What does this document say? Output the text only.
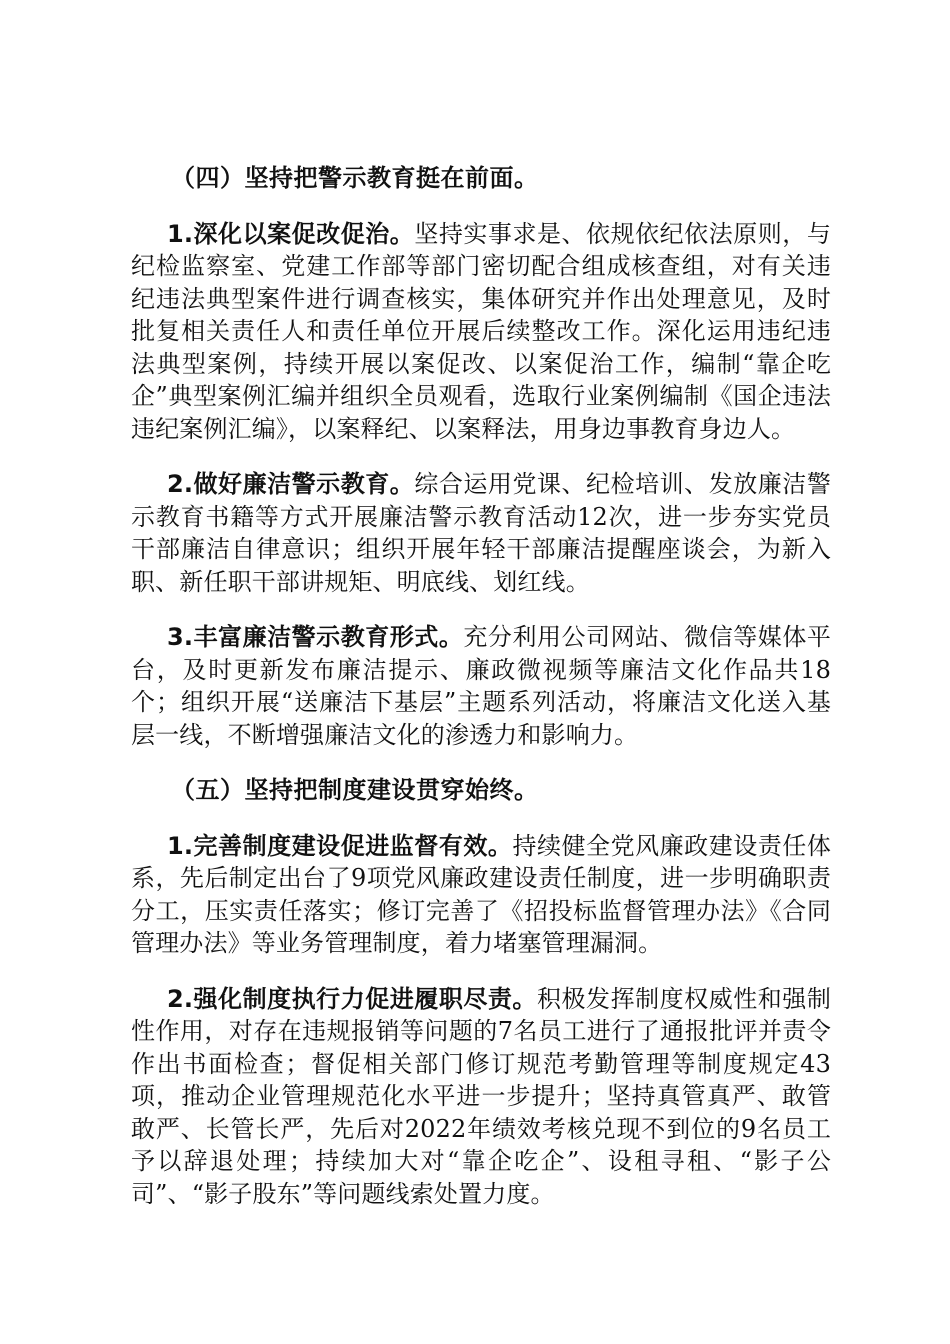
（四）坚持把警示教育挺在前面。

1.深化以案促改促治。坚持实事求是、依规依纪依法原则，与纪检监察室、党建工作部等部门密切配合组成核查组，对有关违纪违法典型案件进行调查核实，集体研究并作出处理意见，及时批复相关责任人和责任单位开展后续整改工作。深化运用违纪违法典型案例，持续开展以案促改、以案促治工作，编制“靠企吃企”典型案例汇编并组织全员观看，选取行业案例编制《国企违法违纪案例汇编》，以案释纪、以案释法，用身边事教育身边人。

2.做好廉洁警示教育。综合运用党课、纪检培训、发放廉洁警示教育书籍等方式开展廉洁警示教育活动12次，进一步夯实党员干部廉洁自律意识；组织开展年轻干部廉洁提醒座谈会，为新入职、新任职干部讲规矩、明底线、划红线。

3.丰富廉洁警示教育形式。充分利用公司网站、微信等媒体平台，及时更新发布廉洁提示、廉政微视频等廉洁文化作品共18个；组织开展“送廉洁下基层”主题系列活动，将廉洁文化送入基层一线，不断增强廉洁文化的渗透力和影响力。

（五）坚持把制度建设贯穿始终。

1.完善制度建设促进监督有效。持续健全党风廉政建设责任体系，先后制定出台了9项党风廉政建设责任制度，进一步明确职责分工，压实责任落实；修订完善了《招投标监督管理办法》《合同管理办法》等业务管理制度，着力堵塞管理漏洞。

2.强化制度执行力促进履职尽责。积极发挥制度权威性和强制性作用，对存在违规报销等问题的7名员工进行了通报批评并责令作出书面检查；督促相关部门修订规范考勤管理等制度规定43项，推动企业管理规范化水平进一步提升；坚持真管真严、敢管敢严、长管长严，先后对2022年绩效考核兑现不到位的9名员工予以辞退处理；持续加大对“靠企吃企”、设租寻租、“影子公司”、“影子股东”等问题线索处置力度。
